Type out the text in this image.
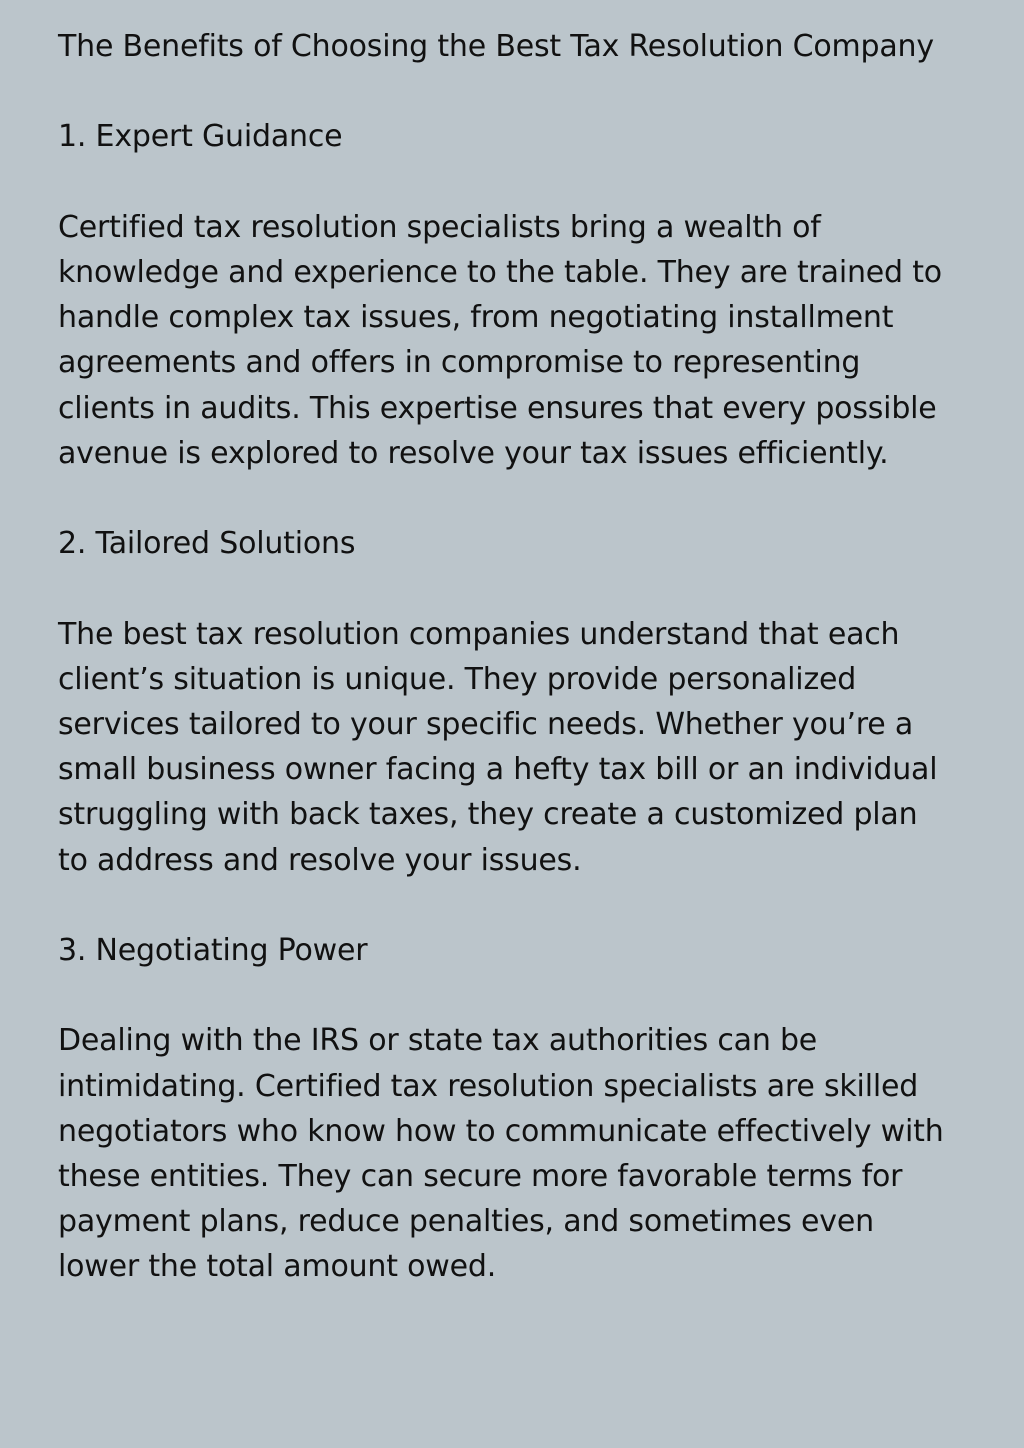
The Benefits of Choosing the Best Tax Resolution Company

1. Expert Guidance

Certified tax resolution specialists bring a wealth of knowledge and experience to the table. They are trained to handle complex tax issues, from negotiating installment agreements and offers in compromise to representing clients in audits. This expertise ensures that every possible avenue is explored to resolve your tax issues efficiently.

2. Tailored Solutions

The best tax resolution companies understand that each client’s situation is unique. They provide personalized services tailored to your specific needs. Whether you’re a small business owner facing a hefty tax bill or an individual struggling with back taxes, they create a customized plan to address and resolve your issues.

3. Negotiating Power

Dealing with the IRS or state tax authorities can be intimidating. Certified tax resolution specialists are skilled negotiators who know how to communicate effectively with these entities. They can secure more favorable terms for payment plans, reduce penalties, and sometimes even lower the total amount owed.
